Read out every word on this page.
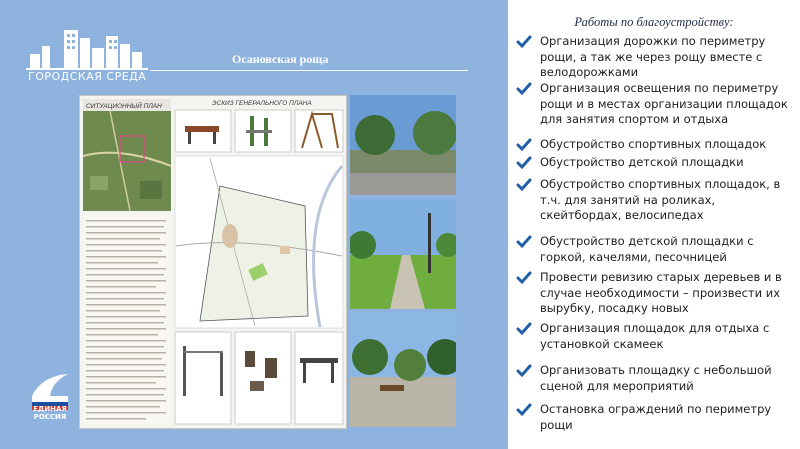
ГОРОДСКАЯ СРЕДА
Осановская роща
СИТУАЦИОННЫЙ ПЛАН	ЭСКИЗ ГЕНЕРАЛЬНОГО ПЛАНА
ЕДИНАЯ
РОССИЯ
Работы по благоустройству:
Организация дорожки по периметру рощи, а так же через рощу вместе с велодорожками
Организация освещения по периметру рощи и в местах организации площадок для занятия спортом и отдыха
Обустройство спортивных площадок
Обустройство детской площадки
Обустройство спортивных площадок, в т.ч. для занятий на роликах, скейтбордах, велосипедах
Обустройство детской площадки с горкой, качелями, песочницей
Провести ревизию старых деревьев и в случае необходимости – произвести их вырубку, посадку новых
Организация площадок для отдыха с установкой скамеек
Организовать площадку с небольшой сценой для мероприятий
Остановка ограждений по периметру рощи
